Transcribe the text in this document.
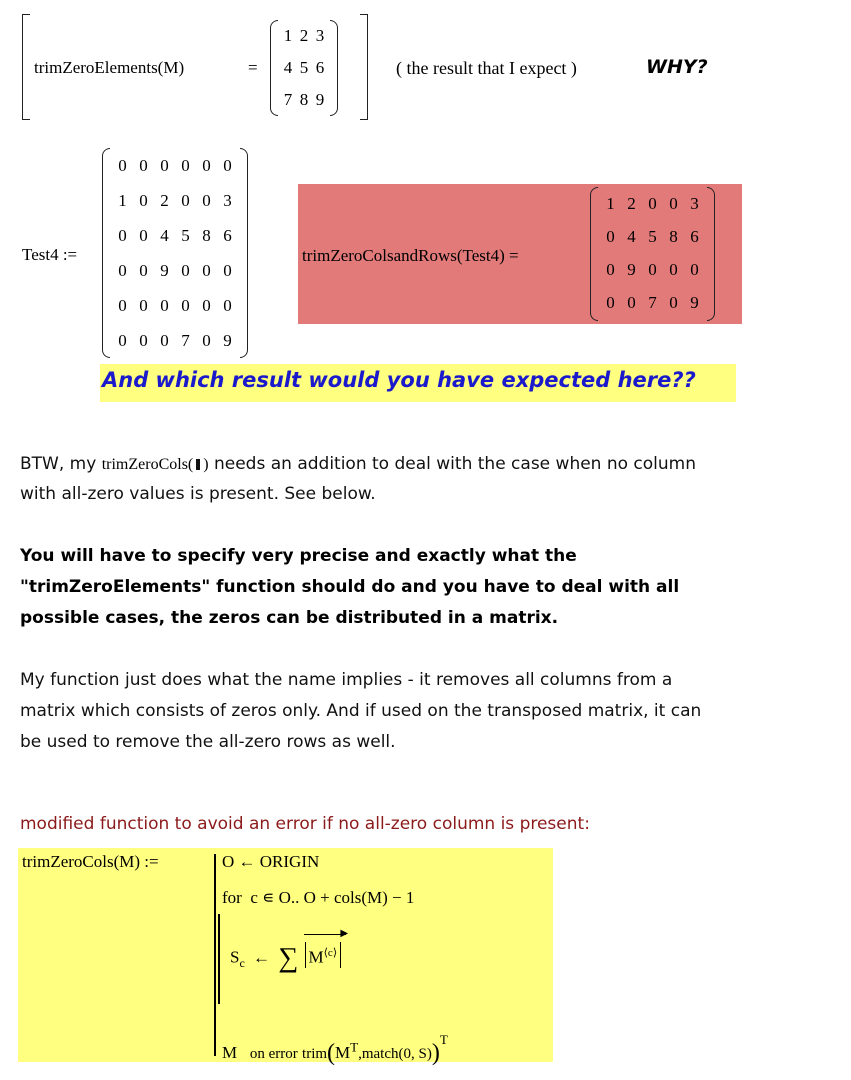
trimZeroElements(M)	=
1 2 3
4 5 6
7 8 9
( the result that I expect )	WHY?
Test4 :=
0 0 0 0 0 0
1 0 2 0 0 3
0 0 4 5 8 6
0 0 9 0 0 0
0 0 0 0 0 0
0 0 0 7 0 9
trimZeroColsandRows(Test4) =
1 2 0 0 3
0 4 5 8 6
0 9 0 0 0
0 0 7 0 9
And which result would you have expected here??
BTW, my trimZeroCols( ) needs an addition to deal with the case when no column
with all-zero values is present. See below.
You will have to specify very precise and exactly what the
"trimZeroElements" function should do and you have to deal with all
possible cases, the zeros can be distributed in a matrix.
My function just does what the name implies - it removes all columns from a
matrix which consists of zeros only. And if used on the transposed matrix, it can
be used to remove the all-zero rows as well.
modified function to avoid an error if no all-zero column is present:
trimZeroCols(M) :=	O ← ORIGIN
for c ∊ O.. O + cols(M) − 1
$S_c$ ← ∑ $M^{⟨c⟩}$
▶
M on error $trim(M^T,match(0$, S))$^T$
